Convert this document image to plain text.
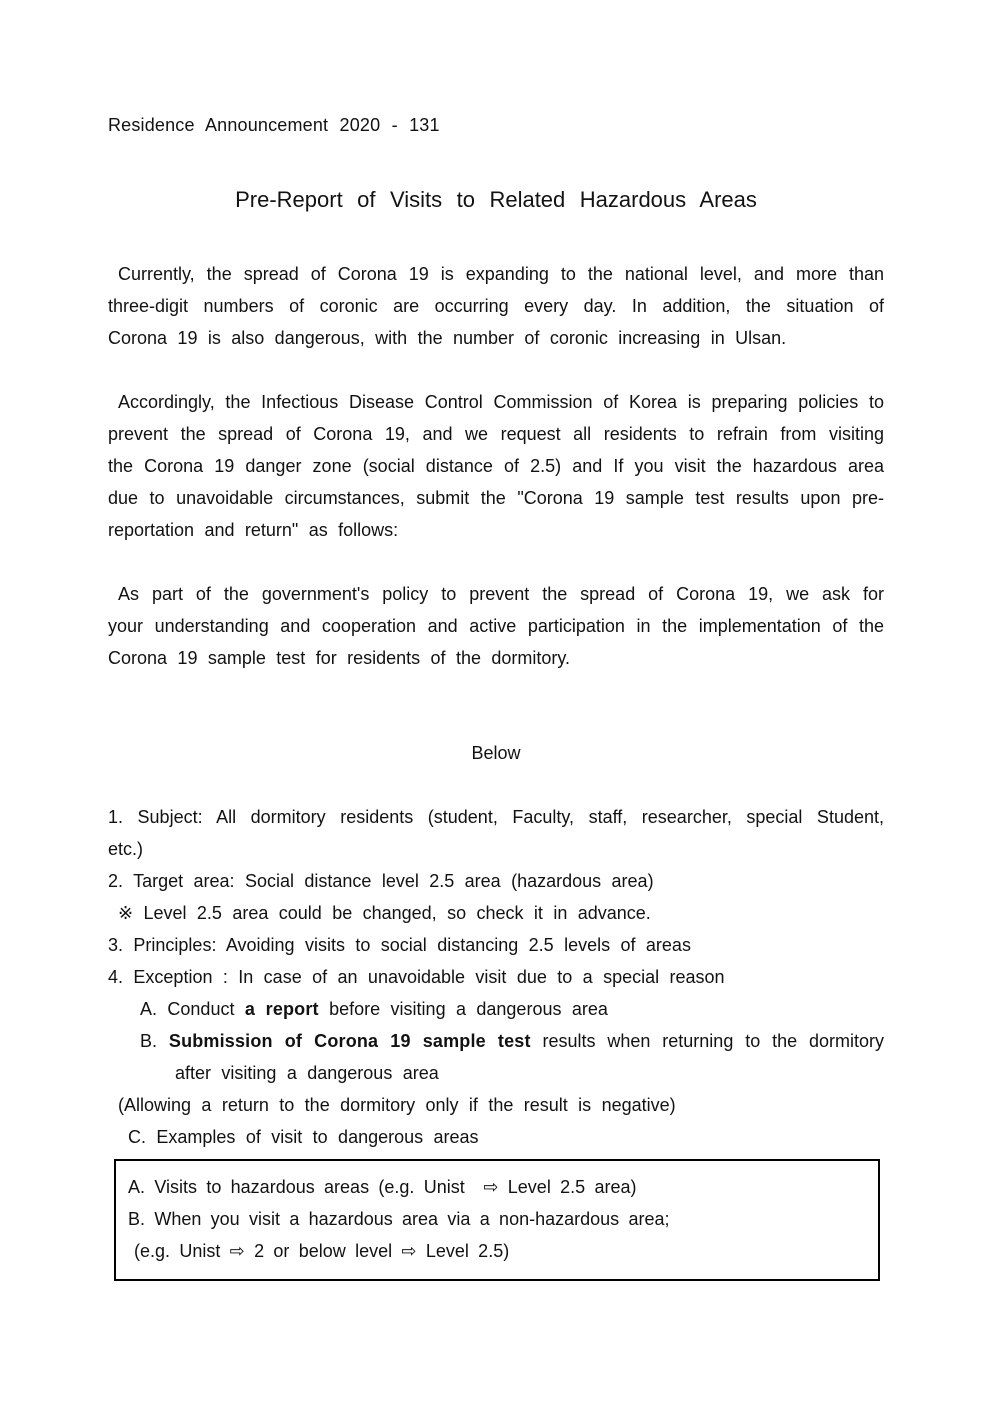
Residence Announcement 2020 - 131
Pre-Report of Visits to Related Hazardous Areas

Currently, the spread of Corona 19 is expanding to the national level, and more than three-digit numbers of coronic are occurring every day. In addition, the situation of Corona 19 is also dangerous, with the number of coronic increasing in Ulsan.

Accordingly, the Infectious Disease Control Commission of Korea is preparing policies to prevent the spread of Corona 19, and we request all residents to refrain from visiting the Corona 19 danger zone (social distance of 2.5) and If you visit the hazardous area due to unavoidable circumstances, submit the "Corona 19 sample test results upon pre-reportation and return" as follows:

As part of the government's policy to prevent the spread of Corona 19, we ask for your understanding and cooperation and active participation in the implementation of the Corona 19 sample test for residents of the dormitory.

Below
1. Subject: All dormitory residents (student, Faculty, staff, researcher, special Student, etc.)
2. Target area: Social distance level 2.5 area (hazardous area)
※ Level 2.5 area could be changed, so check it in advance.
3. Principles: Avoiding visits to social distancing 2.5 levels of areas
4. Exception : In case of an unavoidable visit due to a special reason
A. Conduct a report before visiting a dangerous area
B. Submission of Corona 19 sample test results when returning to the dormitory after visiting a dangerous area
(Allowing a return to the dormitory only if the result is negative)
C. Examples of visit to dangerous areas
A. Visits to hazardous areas (e.g. Unist  ⇨ Level 2.5 area)
B. When you visit a hazardous area via a non-hazardous area;
(e.g. Unist ⇨ 2 or below level ⇨ Level 2.5)
